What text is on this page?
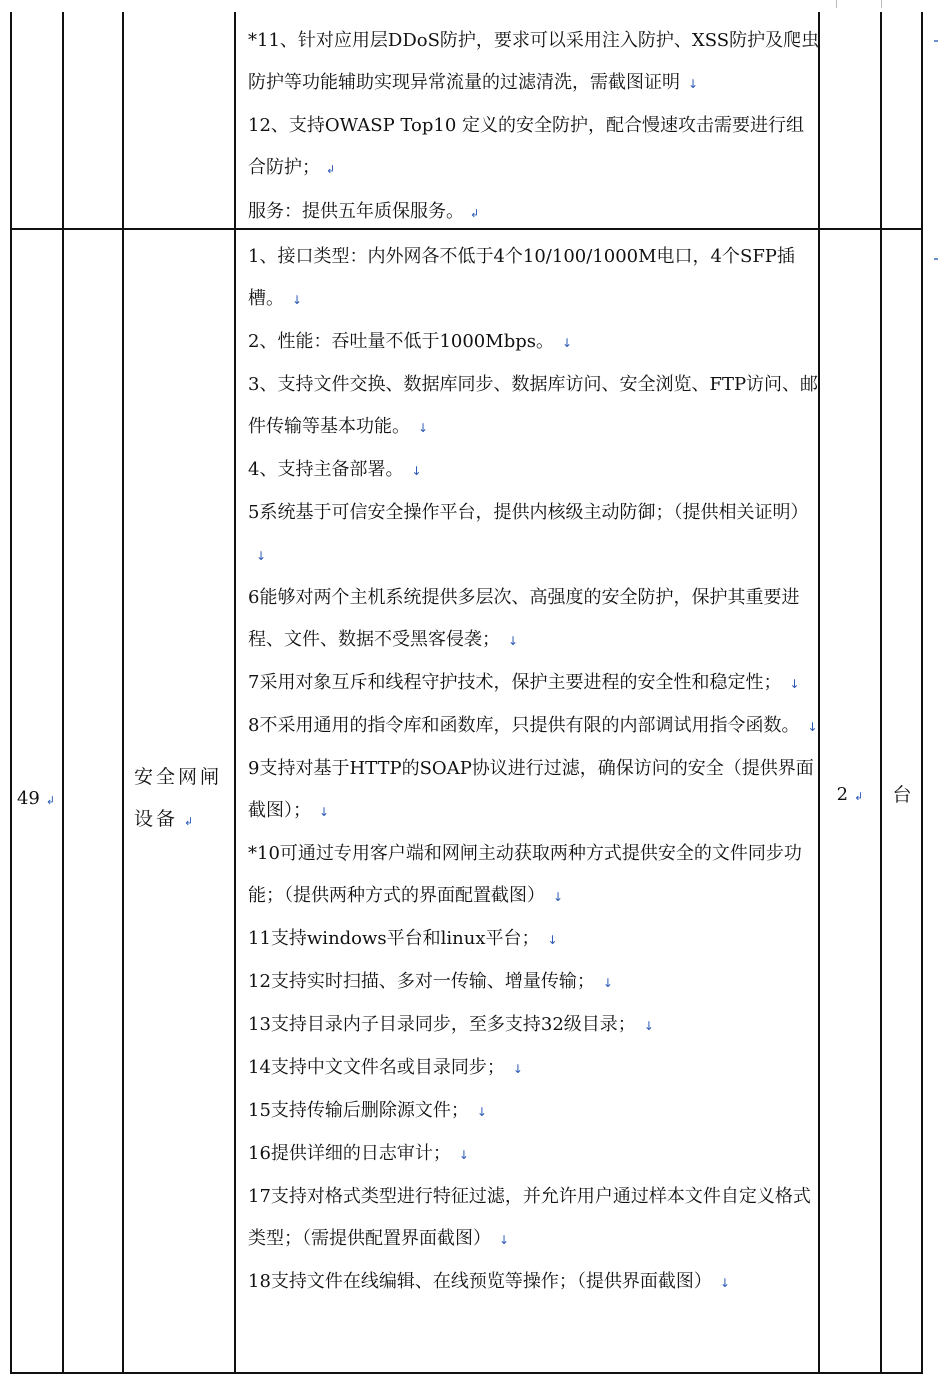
*11、针对应用层DDoS防护，要求可以采用注入防护、XSS防护及爬虫防护等功能辅助实现异常流量的过滤清洗，需截图证明 ↓
12、支持OWASP Top10 定义的安全防护，配合慢速攻击需要进行组合防护； ↲
服务：提供五年质保服务。 ↲
49 ↲
安全网闸设备 ↲
1、接口类型：内外网各不低于4个10/100/1000M电口，4个SFP插槽。 ↓
2、性能：吞吐量不低于1000Mbps。 ↓
3、支持文件交换、数据库同步、数据库访问、安全浏览、FTP访问、邮件传输等基本功能。 ↓
4、支持主备部署。 ↓
5系统基于可信安全操作平台，提供内核级主动防御；（提供相关证明）↓
6能够对两个主机系统提供多层次、高强度的安全防护，保护其重要进程、文件、数据不受黑客侵袭； ↓
7采用对象互斥和线程守护技术，保护主要进程的安全性和稳定性； ↓
8不采用通用的指令库和函数库，只提供有限的内部调试用指令函数。 ↓
9支持对基于HTTP的SOAP协议进行过滤，确保访问的安全（提供界面截图）； ↓
*10可通过专用客户端和网闸主动获取两种方式提供安全的文件同步功能；（提供两种方式的界面配置截图） ↓
11支持windows平台和linux平台； ↓
12支持实时扫描、多对一传输、增量传输； ↓
13支持目录内子目录同步，至多支持32级目录； ↓
14支持中文文件名或目录同步； ↓
15支持传输后删除源文件； ↓
16提供详细的日志审计； ↓
17支持对格式类型进行特征过滤，并允许用户通过样本文件自定义格式类型；（需提供配置界面截图） ↓
18支持文件在线编辑、在线预览等操作；（提供界面截图） ↓
2 ↲	台
